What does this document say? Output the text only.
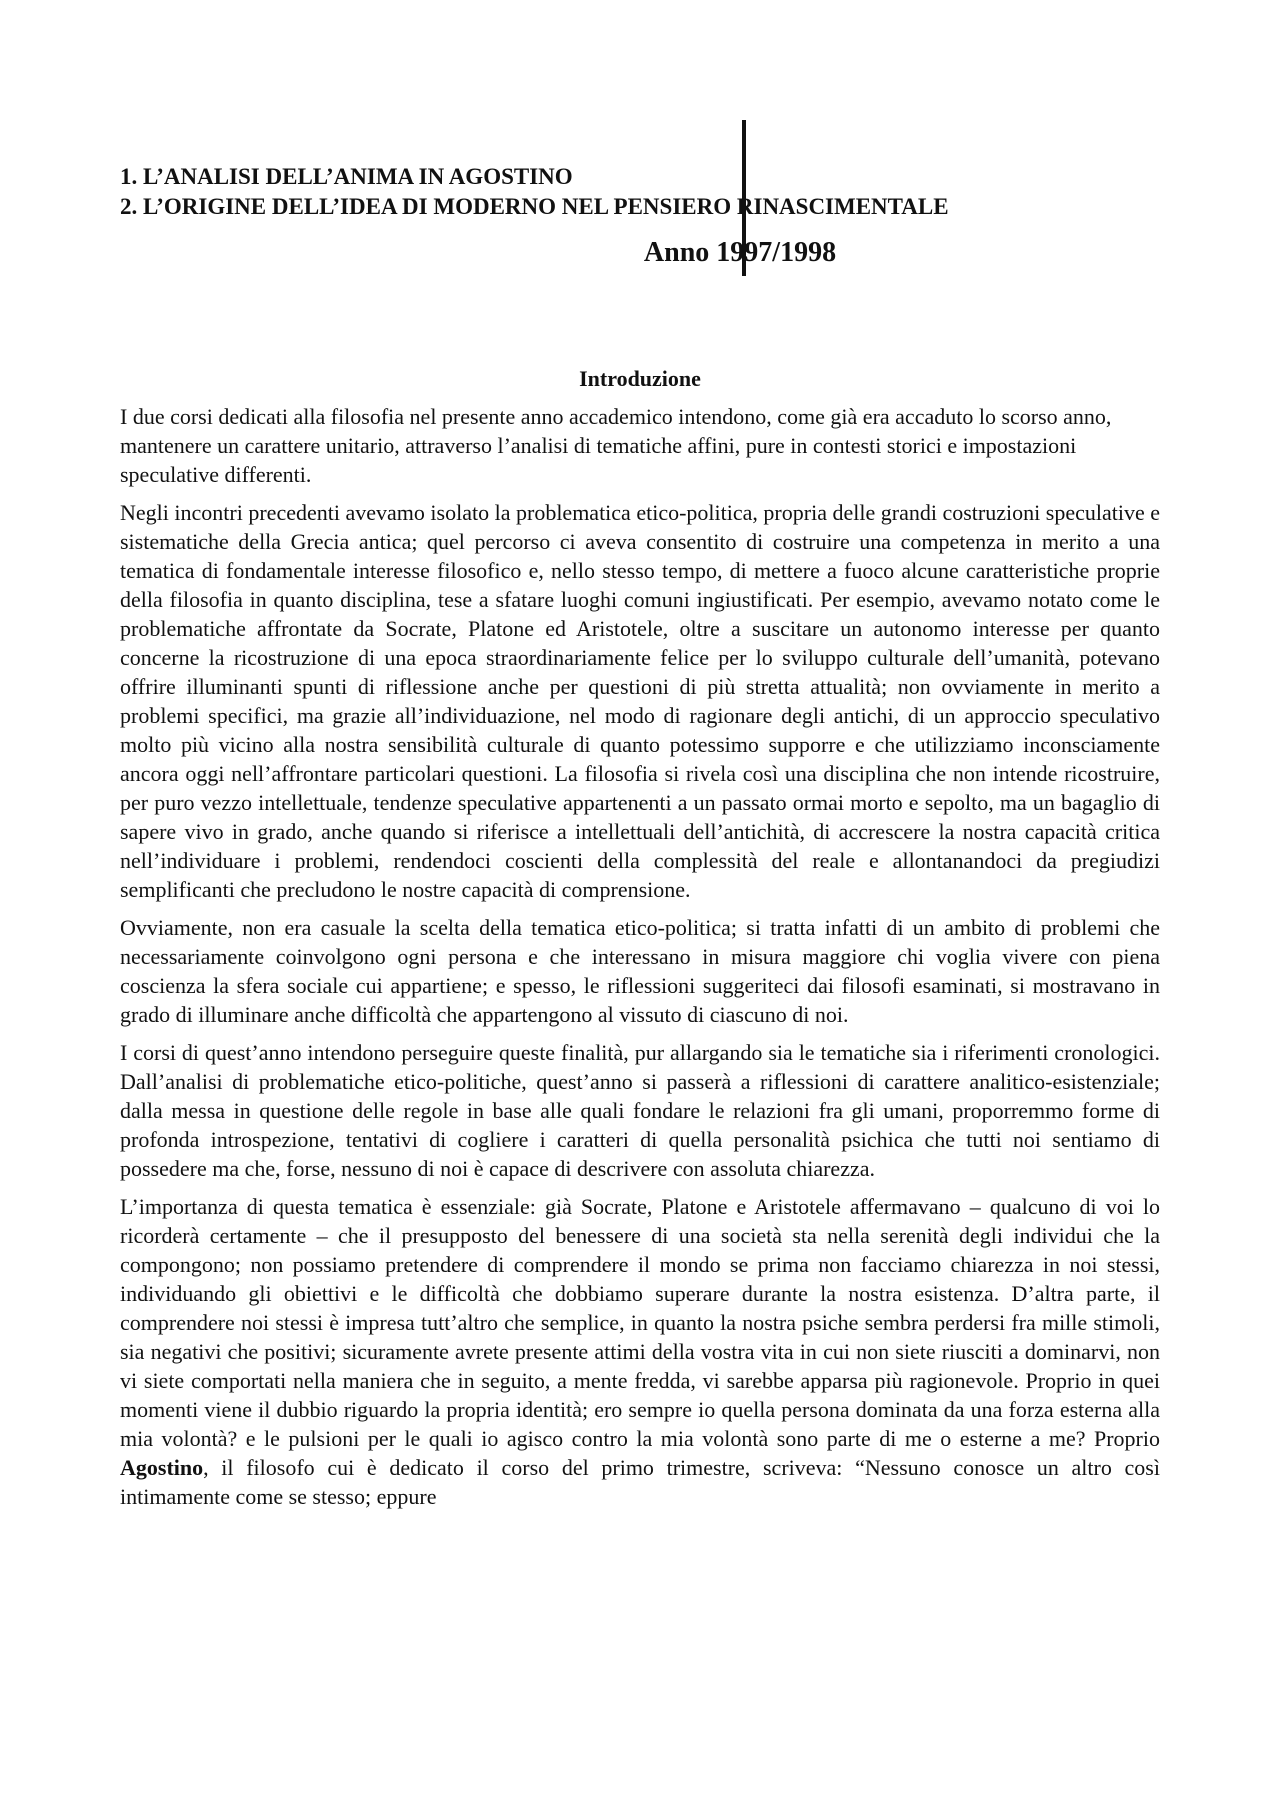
1. L’ANALISI DELL’ANIMA IN AGOSTINO
2. L’ORIGINE DELL’IDEA DI MODERNO NEL PENSIERO RINASCIMENTALE
Anno 1997/1998
Introduzione

I due corsi dedicati alla filosofia nel presente anno accademico intendono, come già era accaduto lo scorso anno, mantenere un carattere unitario, attraverso l’analisi di tematiche affini, pure in contesti storici e impostazioni speculative differenti.

Negli incontri precedenti avevamo isolato la problematica etico-politica, propria delle grandi costruzioni speculative e sistematiche della Grecia antica; quel percorso ci aveva consentito di costruire una competenza in merito a una tematica di fondamentale interesse filosofico e, nello stesso tempo, di mettere a fuoco alcune caratteristiche proprie della filosofia in quanto disciplina, tese a sfatare luoghi comuni ingiustificati. Per esempio, avevamo notato come le problematiche affrontate da Socrate, Platone ed Aristotele, oltre a suscitare un autonomo interesse per quanto concerne la ricostruzione di una epoca straordinariamente felice per lo sviluppo culturale dell’umanità, potevano offrire illuminanti spunti di riflessione anche per questioni di più stretta attualità; non ovviamente in merito a problemi specifici, ma grazie all’individuazione, nel modo di ragionare degli antichi, di un approccio speculativo molto più vicino alla nostra sensibilità culturale di quanto potessimo supporre e che utilizziamo inconsciamente ancora oggi nell’affrontare particolari questioni. La filosofia si rivela così una disciplina che non intende ricostruire, per puro vezzo intellettuale, tendenze speculative appartenenti a un passato ormai morto e sepolto, ma un bagaglio di sapere vivo in grado, anche quando si riferisce a intellettuali dell’antichità, di accrescere la nostra capacità critica nell’individuare i problemi, rendendoci coscienti della complessità del reale e allontanandoci da pregiudizi semplificanti che precludono le nostre capacità di comprensione.

Ovviamente, non era casuale la scelta della tematica etico-politica; si tratta infatti di un ambito di problemi che necessariamente coinvolgono ogni persona e che interessano in misura maggiore chi voglia vivere con piena coscienza la sfera sociale cui appartiene; e spesso, le riflessioni suggeriteci dai filosofi esaminati, si mostravano in grado di illuminare anche difficoltà che appartengono al vissuto di ciascuno di noi.

I corsi di quest’anno intendono perseguire queste finalità, pur allargando sia le tematiche sia i riferimenti cronologici. Dall’analisi di problematiche etico-politiche, quest’anno si passerà a riflessioni di carattere analitico-esistenziale; dalla messa in questione delle regole in base alle quali fondare le relazioni fra gli umani, proporremmo forme di profonda introspezione, tentativi di cogliere i caratteri di quella personalità psichica che tutti noi sentiamo di possedere ma che, forse, nessuno di noi è capace di descrivere con assoluta chiarezza.

L’importanza di questa tematica è essenziale: già Socrate, Platone e Aristotele affermavano – qualcuno di voi lo ricorderà certamente – che il presupposto del benessere di una società sta nella serenità degli individui che la compongono; non possiamo pretendere di comprendere il mondo se prima non facciamo chiarezza in noi stessi, individuando gli obiettivi e le difficoltà che dobbiamo superare durante la nostra esistenza. D’altra parte, il comprendere noi stessi è impresa tutt’altro che semplice, in quanto la nostra psiche sembra perdersi fra mille stimoli, sia negativi che positivi; sicuramente avrete presente attimi della vostra vita in cui non siete riusciti a dominarvi, non vi siete comportati nella maniera che in seguito, a mente fredda, vi sarebbe apparsa più ragionevole. Proprio in quei momenti viene il dubbio riguardo la propria identità; ero sempre io quella persona dominata da una forza esterna alla mia volontà? e le pulsioni per le quali io agisco contro la mia volontà sono parte di me o esterne a me? Proprio Agostino, il filosofo cui è dedicato il corso del primo trimestre, scriveva: “Nessuno conosce un altro così intimamente come se stesso; eppure
